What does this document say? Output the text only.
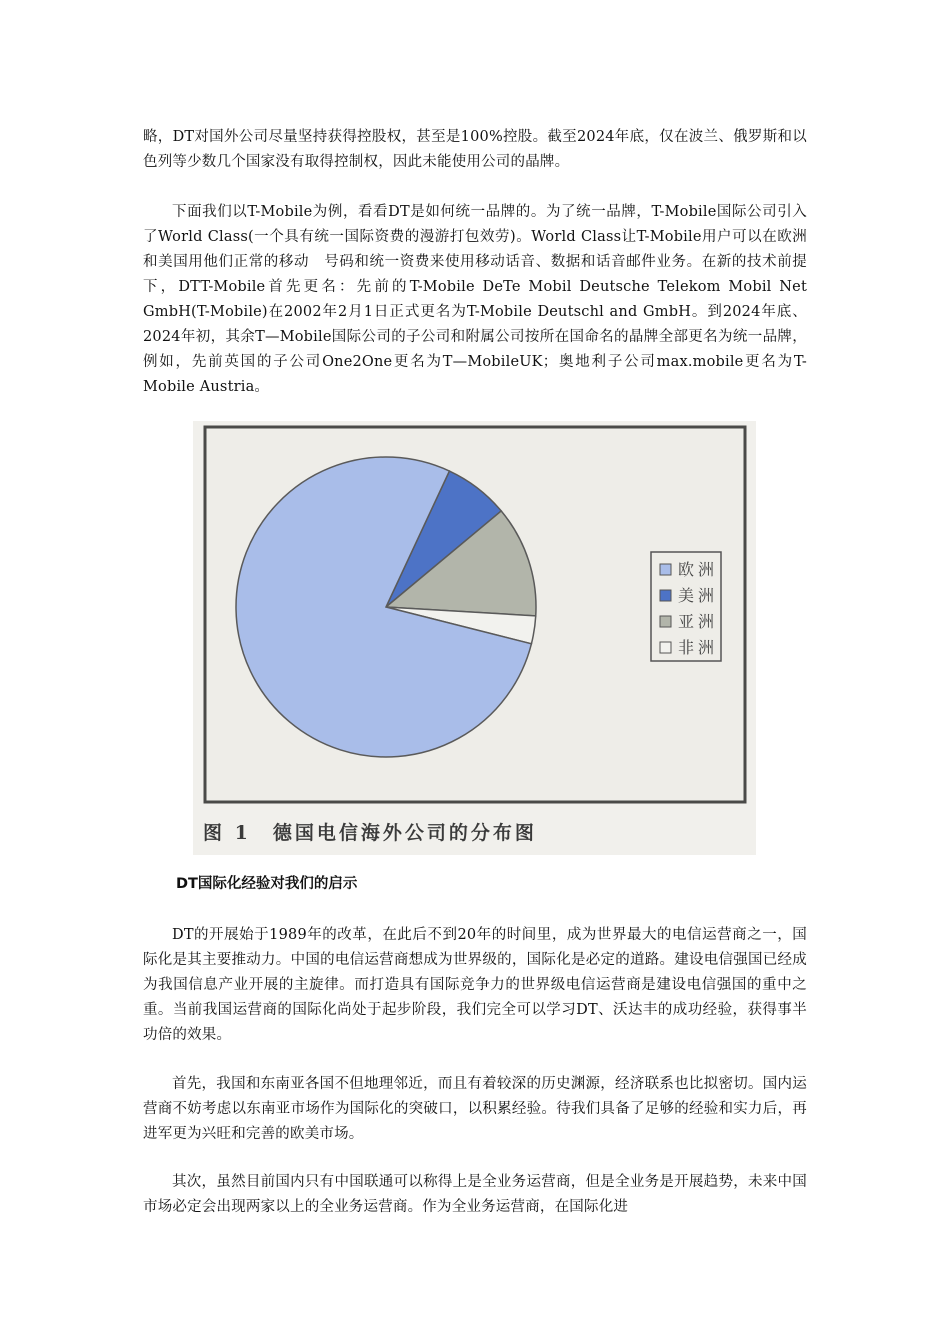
略，DT对国外公司尽量坚持获得控股权，甚至是100%控股。截至2024年底，仅在波兰、俄罗斯和以色列等少数几个国家没有取得控制权，因此未能使用公司的晶牌。

下面我们以T-Mobile为例，看看DT是如何统一品牌的。为了统一品牌，T-Mobile国际公司引入了World Class(一个具有统一国际资费的漫游打包效劳)。World Class让T-Mobile用户可以在欧洲和美国用他们正常的移动　号码和统一资费来使用移动话音、数据和话音邮件业务。在新的技术前提下，DTT-Mobile首先更名：先前的T-Mobile DeTe Mobil Deutsche Telekom Mobil Net GmbH(T-Mobile)在2002年2月1日正式更名为T-Mobile Deutschl and GmbH。到2024年底、2024年初，其余T—Mobile国际公司的子公司和附属公司按所在国命名的晶牌全部更名为统一品牌，例如，先前英国的子公司One2One更名为T—MobileUK；奥地利子公司max.mobile更名为T-Mobile Austria。

欧洲
美洲
亚洲
非洲
图 1　德国电信海外公司的分布图

DT国际化经验对我们的启示

DT的开展始于1989年的改革，在此后不到20年的时间里，成为世界最大的电信运营商之一，国际化是其主要推动力。中国的电信运营商想成为世界级的，国际化是必定的道路。建设电信强国已经成为我国信息产业开展的主旋律。而打造具有国际竞争力的世界级电信运营商是建设电信强国的重中之重。当前我国运营商的国际化尚处于起步阶段，我们完全可以学习DT、沃达丰的成功经验，获得事半功倍的效果。

首先，我国和东南亚各国不但地理邻近，而且有着较深的历史渊源，经济联系也比拟密切。国内运营商不妨考虑以东南亚市场作为国际化的突破口，以积累经验。待我们具备了足够的经验和实力后，再进军更为兴旺和完善的欧美市场。

其次，虽然目前国内只有中国联通可以称得上是全业务运营商，但是全业务是开展趋势，未来中国市场必定会出现两家以上的全业务运营商。作为全业务运营商，在国际化进
